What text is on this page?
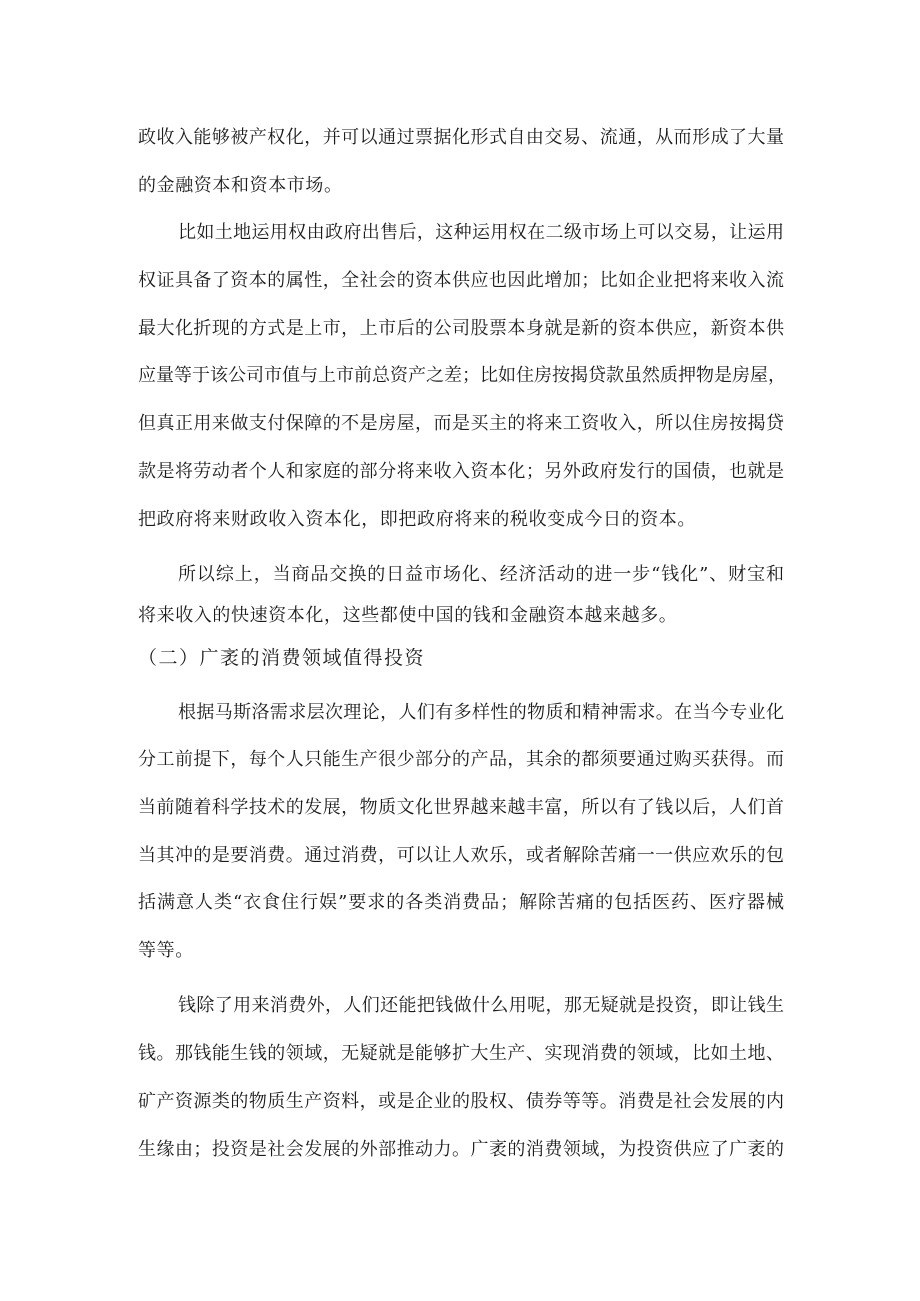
政收入能够被产权化，并可以通过票据化形式自由交易、流通，从而形成了大量
的金融资本和资本市场。
比如土地运用权由政府出售后，这种运用权在二级市场上可以交易，让运用
权证具备了资本的属性，全社会的资本供应也因此增加；比如企业把将来收入流
最大化折现的方式是上市，上市后的公司股票本身就是新的资本供应，新资本供
应量等于该公司市值与上市前总资产之差；比如住房按揭贷款虽然质押物是房屋，
但真正用来做支付保障的不是房屋，而是买主的将来工资收入，所以住房按揭贷
款是将劳动者个人和家庭的部分将来收入资本化；另外政府发行的国债，也就是
把政府将来财政收入资本化，即把政府将来的税收变成今日的资本。
所以综上，当商品交换的日益市场化、经济活动的进一步“钱化”、财宝和
将来收入的快速资本化，这些都使中国的钱和金融资本越来越多。
（二）广袤的消费领域值得投资
根据马斯洛需求层次理论，人们有多样性的物质和精神需求。在当今专业化
分工前提下，每个人只能生产很少部分的产品，其余的都须要通过购买获得。而
当前随着科学技术的发展，物质文化世界越来越丰富，所以有了钱以后，人们首
当其冲的是要消费。通过消费，可以让人欢乐，或者解除苦痛一一供应欢乐的包
括满意人类“衣食住行娱”要求的各类消费品；解除苦痛的包括医药、医疗器械
等等。
钱除了用来消费外，人们还能把钱做什么用呢，那无疑就是投资，即让钱生
钱。那钱能生钱的领域，无疑就是能够扩大生产、实现消费的领域，比如土地、
矿产资源类的物质生产资料，或是企业的股权、债券等等。消费是社会发展的内
生缘由；投资是社会发展的外部推动力。广袤的消费领域，为投资供应了广袤的
